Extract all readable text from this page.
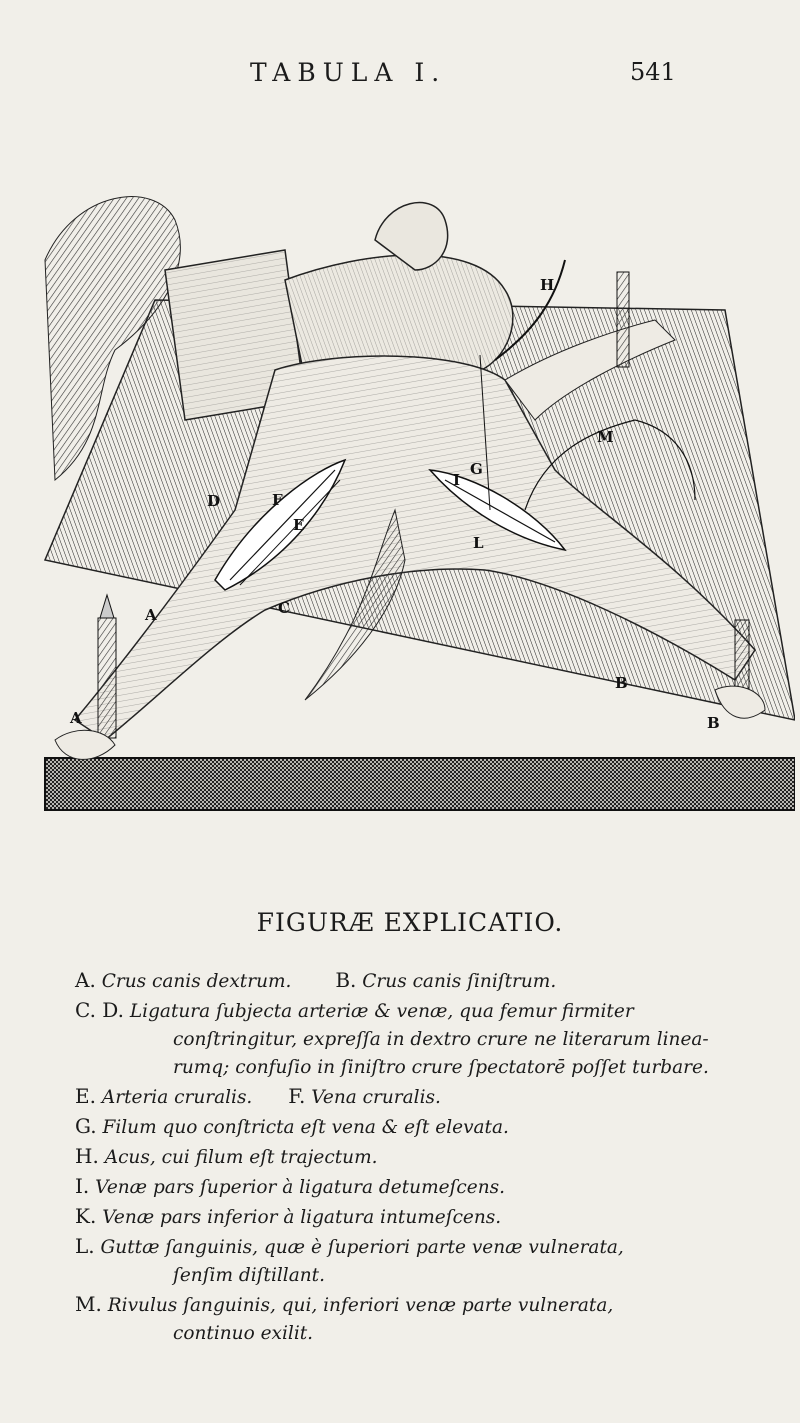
TABULA I.	541
A
A
B
B
C
D
E
F
G
H
I
L
M
FIGURÆ EXPLICATIO.
A. Crus canis dextrum. B. Crus canis ſiniſtrum.
C. D. Ligatura ſubjecta arteriæ & venæ, qua femur firmiter
conſtringitur, expreſſa in dextro crure ne literarum linea-
rumq; confuſio in ſiniſtro crure ſpectatorē poſſet turbare.
E. Arteria cruralis. F. Vena cruralis.
G. Filum quo conſtricta eſt vena & eſt elevata.
H. Acus, cui filum eſt trajectum.
I. Venæ pars ſuperior à ligatura detumeſcens.
K. Venæ pars inferior à ligatura intumeſcens.
L. Guttæ ſanguinis, quæ è ſuperiori parte venæ vulnerata,
ſenſim diſtillant.
M. Rivulus ſanguinis, qui, inferiori venæ parte vulnerata,
continuo exilit.
